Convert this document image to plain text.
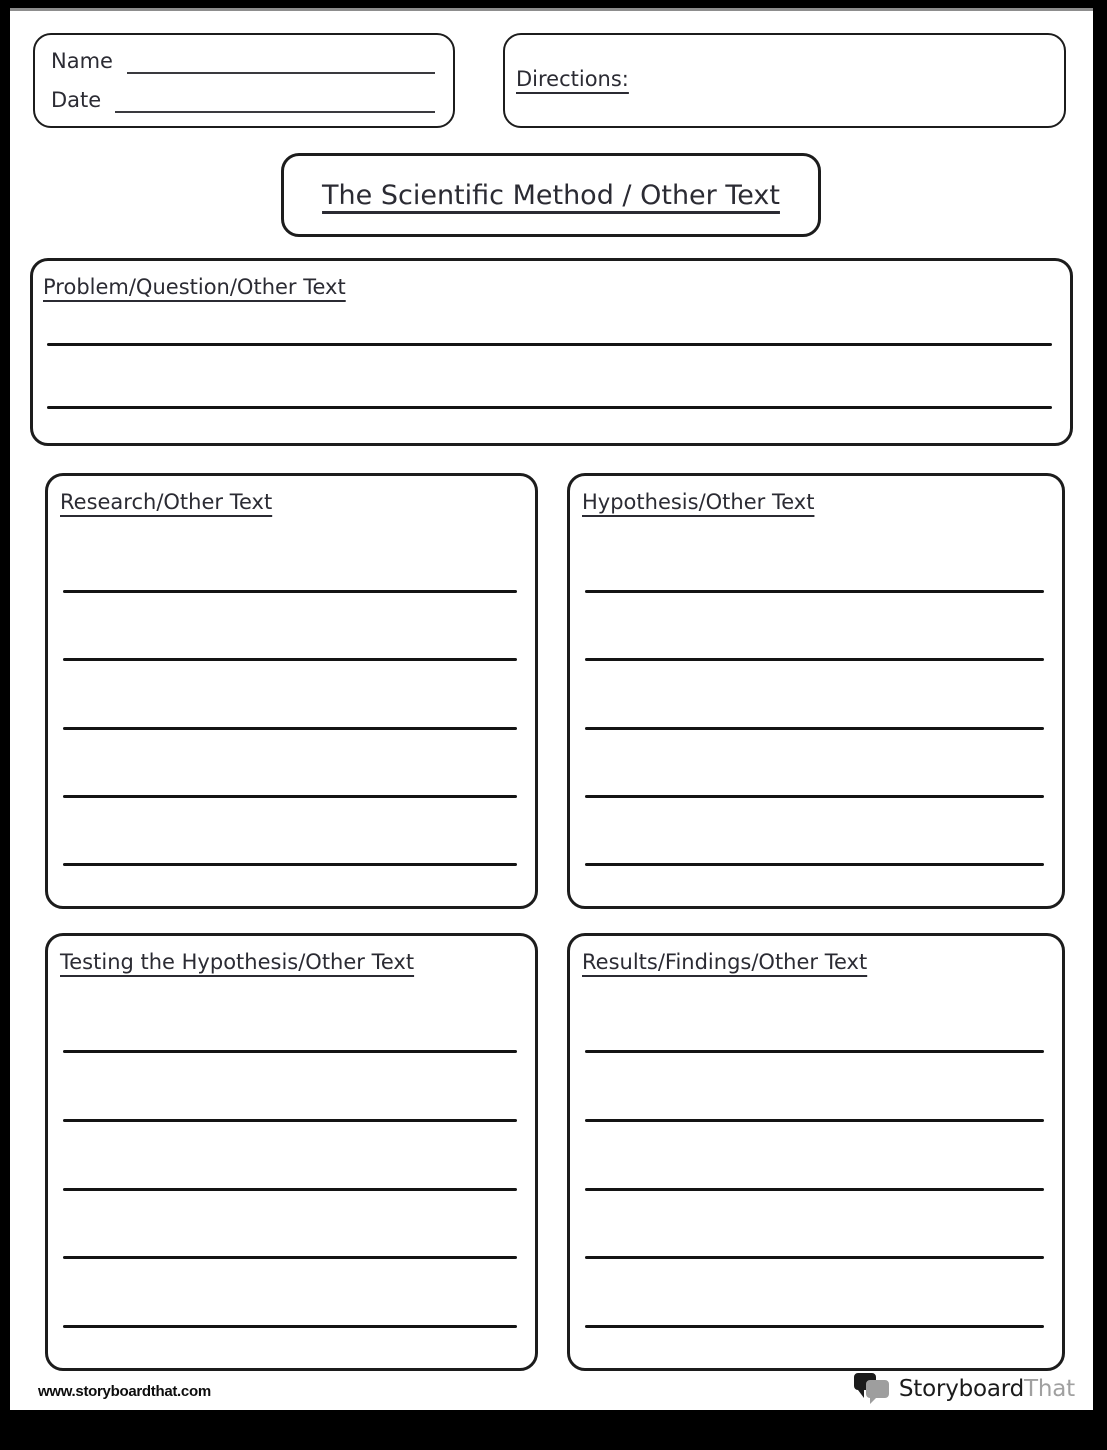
Name
Date
Directions:
The Scientific Method / Other Text
Problem/Question/Other Text
Research/Other Text	Hypothesis/Other Text
Testing the Hypothesis/Other Text	Results/Findings/Other Text
www.storyboardthat.com	StoryboardThat
